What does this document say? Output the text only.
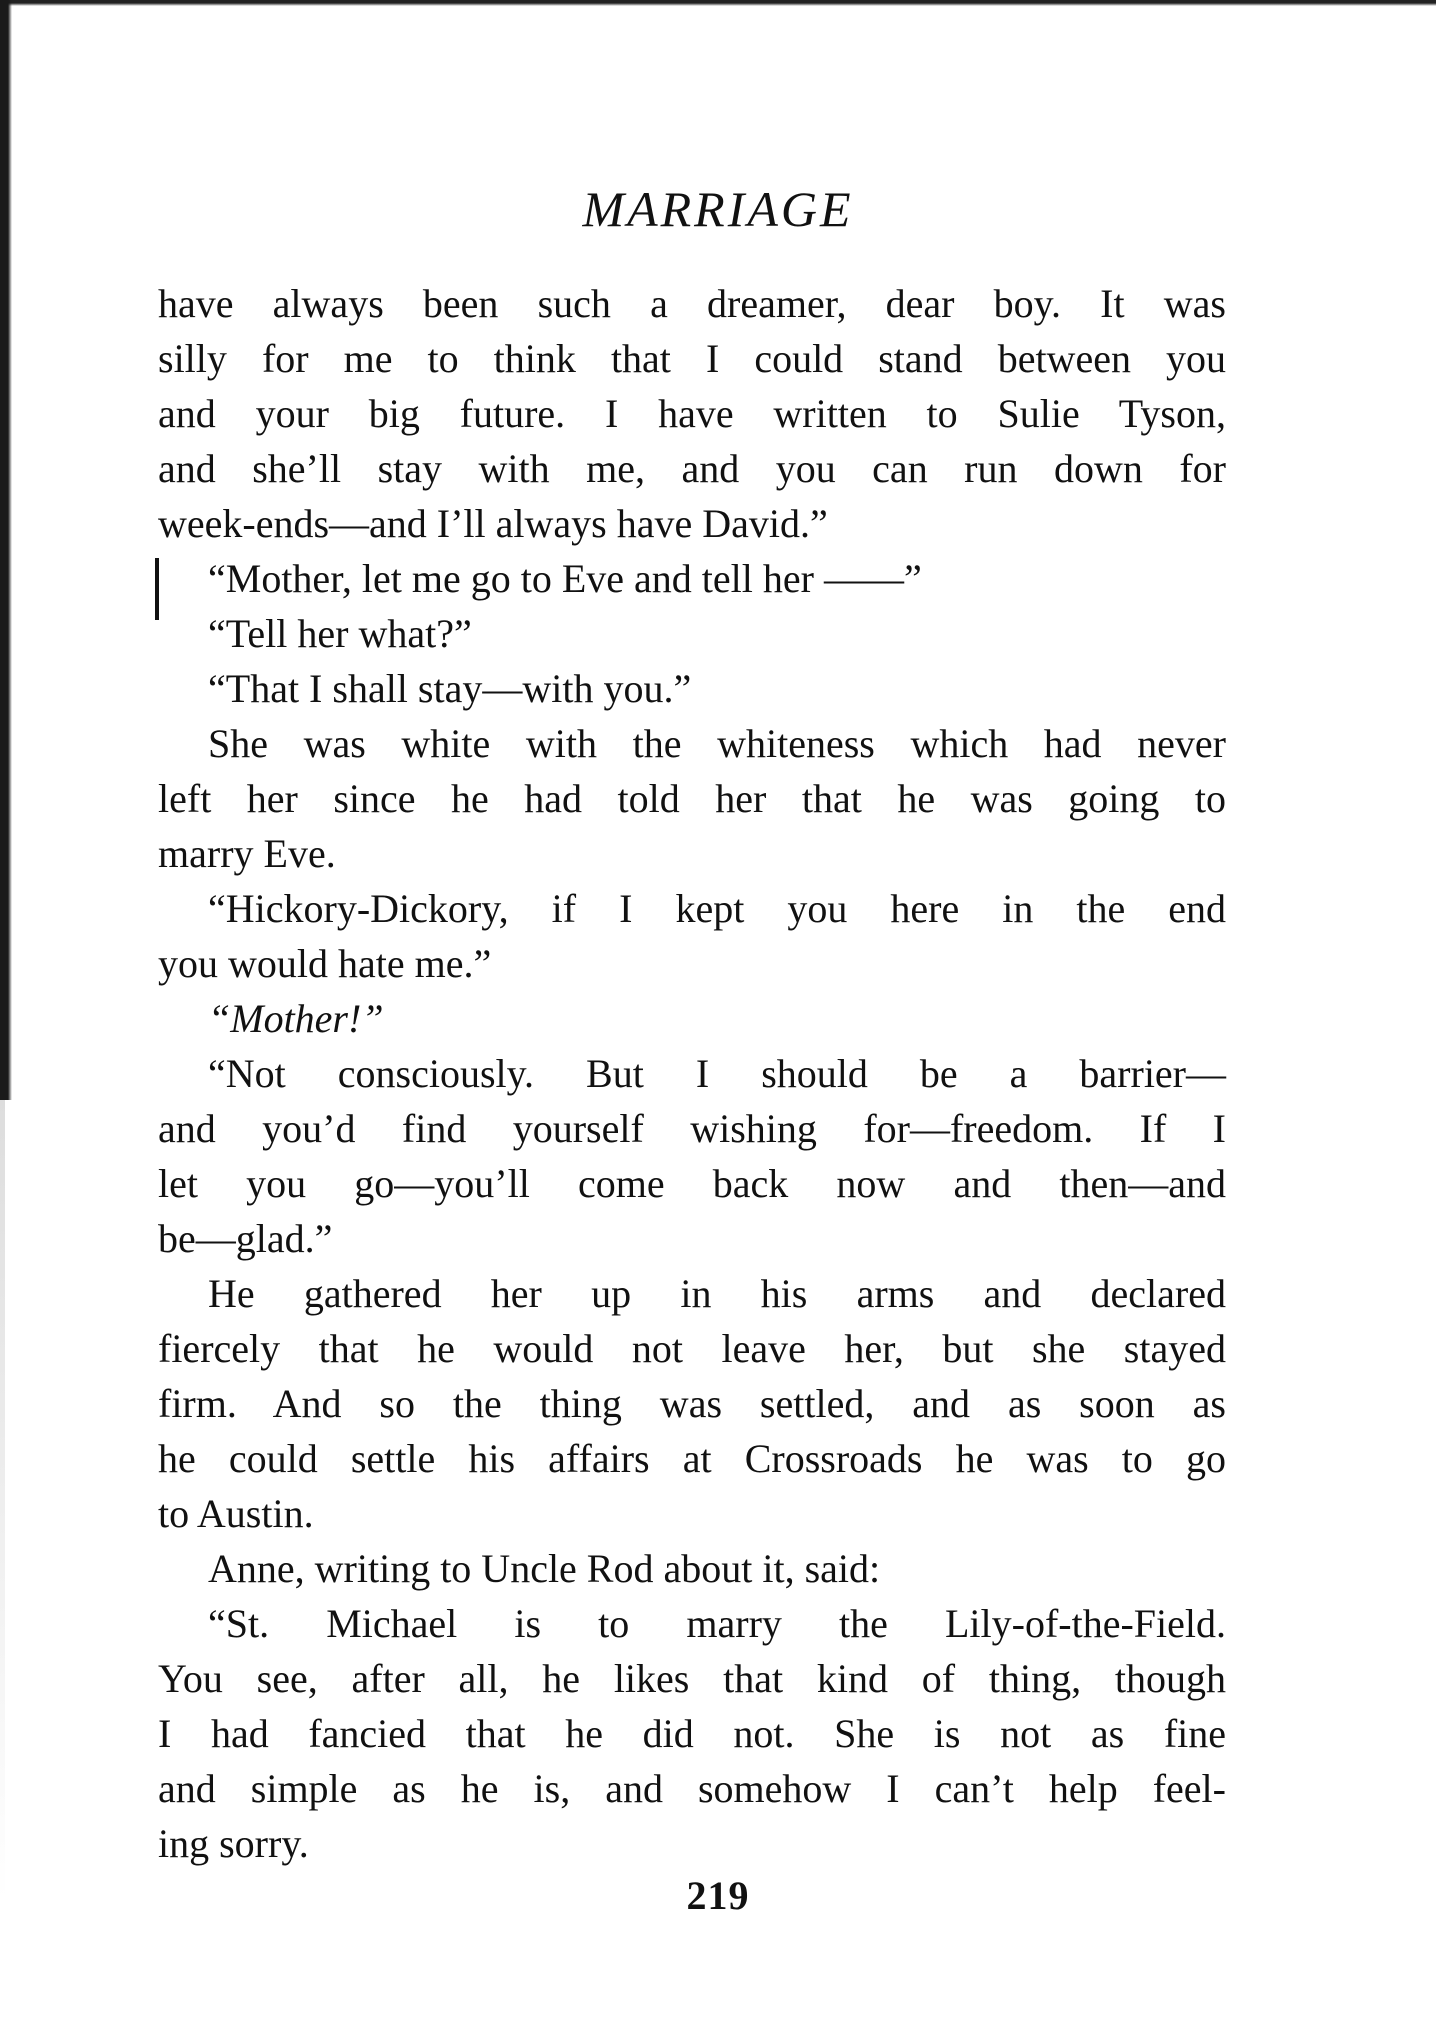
MARRIAGE
have always been such a dreamer, dear boy. It was
silly for me to think that I could stand between you
and your big future. I have written to Sulie Tyson,
and she’ll stay with me, and you can run down for
week-ends—and I’ll always have David.”
“Mother, let me go to Eve and tell her ——”
“Tell her what?”
“That I shall stay—with you.”
She was white with the whiteness which had never
left her since he had told her that he was going to
marry Eve.
“Hickory-Dickory, if I kept you here in the end
you would hate me.”
“Mother!”
“Not consciously. But I should be a barrier—
and you’d find yourself wishing for—freedom. If I
let you go—you’ll come back now and then—and
be—glad.”
He gathered her up in his arms and declared
fiercely that he would not leave her, but she stayed
firm. And so the thing was settled, and as soon as
he could settle his affairs at Crossroads he was to go
to Austin.
Anne, writing to Uncle Rod about it, said:
“St. Michael is to marry the Lily-of-the-Field.
You see, after all, he likes that kind of thing, though
I had fancied that he did not. She is not as fine
and simple as he is, and somehow I can’t help feel-
ing sorry.
219
